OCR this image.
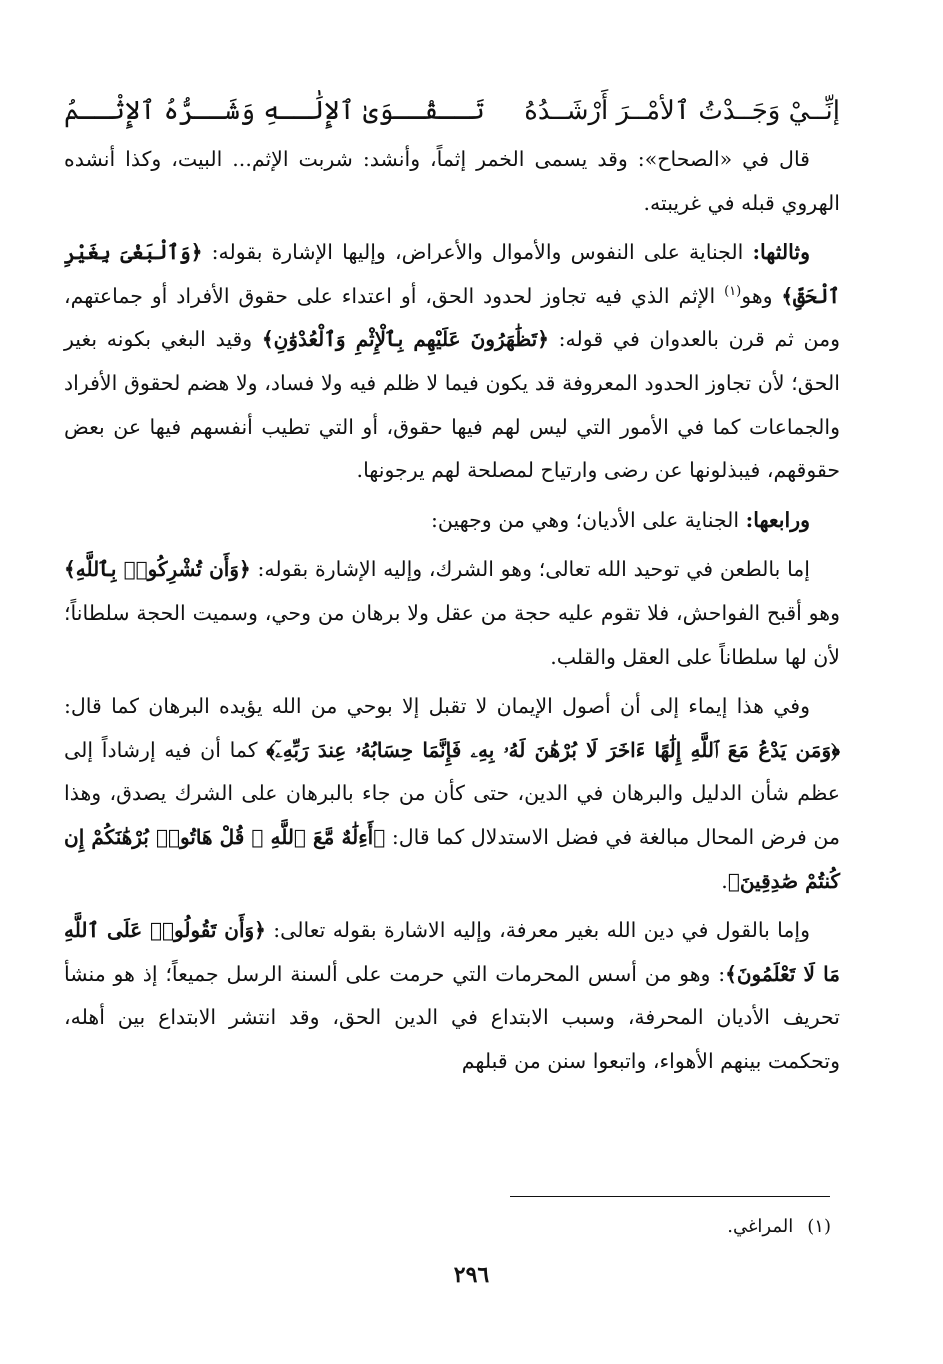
إنِّــيْ وَجَــدْتُ ٱلأمْــرَ أَرْشَــدُهُ
تَــقْــوَىٰ ٱلإِلَٰــهِ وَشَــرُّهُ ٱلإِثْــمُ

قال في «الصحاح»: وقد يسمى الخمر إثماً، وأنشد: شربت الإثم... البيت، وكذا أنشده الهروي قبله في غريبته.

وثالثها: الجناية على النفوس والأموال والأعراض، وإليها الإشارة بقوله: ﴿وَٱلْبَغْىَ بِغَيْرِ ٱلْحَقِّ﴾ وهو$^{(١)}$ الإثم الذي فيه تجاوز لحدود الحق، أو اعتداء على حقوق الأفراد أو جماعتهم، ومن ثم قرن بالعدوان في قوله: ﴿تَظَٰهَرُونَ عَلَيْهِم بِٱلْإِثْمِ وَٱلْعُدْوَٰنِ﴾ وقيد البغي بكونه بغير الحق؛ لأن تجاوز الحدود المعروفة قد يكون فيما لا ظلم فيه ولا فساد، ولا هضم لحقوق الأفراد والجماعات كما في الأمور التي ليس لهم فيها حقوق، أو التي تطيب أنفسهم فيها عن بعض حقوقهم، فيبذلونها عن رضى وارتياح لمصلحة لهم يرجونها.

ورابعها: الجناية على الأديان؛ وهي من وجهين:

إما بالطعن في توحيد الله تعالى؛ وهو الشرك، وإليه الإشارة بقوله: ﴿وَأَن تُشْرِكُوا۟ بِٱللَّهِ﴾ وهو أقبح الفواحش، فلا تقوم عليه حجة من عقل ولا برهان من وحي، وسميت الحجة سلطاناً؛ لأن لها سلطاناً على العقل والقلب.

وفي هذا إيماء إلى أن أصول الإيمان لا تقبل إلا بوحي من الله يؤيده البرهان كما قال: ﴿وَمَن يَدْعُ مَعَ ٱللَّهِ إِلَٰهًا ءَاخَرَ لَا بُرْهَٰنَ لَهُۥ بِهِۦ فَإِنَّمَا حِسَابُهُۥ عِندَ رَبِّهِۦٓ﴾ كما أن فيه إرشاداً إلى عظم شأن الدليل والبرهان في الدين، حتى كأن من جاء بالبرهان على الشرك يصدق، وهذا من فرض المحال مبالغة في فضل الاستدلال كما قال: ﴿أَءِلَٰهٌ مَّعَ ٱللَّهِ ۚ قُلْ هَاتُوا۟ بُرْهَٰنَكُمْ إِن كُنتُمْ صَٰدِقِينَ﴾.

وإما بالقول في دين الله بغير معرفة، وإليه الاشارة بقوله تعالى: ﴿وَأَن تَقُولُوا۟ عَلَى ٱللَّهِ مَا لَا تَعْلَمُونَ﴾: وهو من أسس المحرمات التي حرمت على ألسنة الرسل جميعاً؛ إذ هو منشأ تحريف الأديان المحرفة، وسبب الابتداع في الدين الحق، وقد انتشر الابتداع بين أهله، وتحكمت بينهم الأهواء، واتبعوا سنن من قبلهم

(١)المراغي.
٢٩٦
